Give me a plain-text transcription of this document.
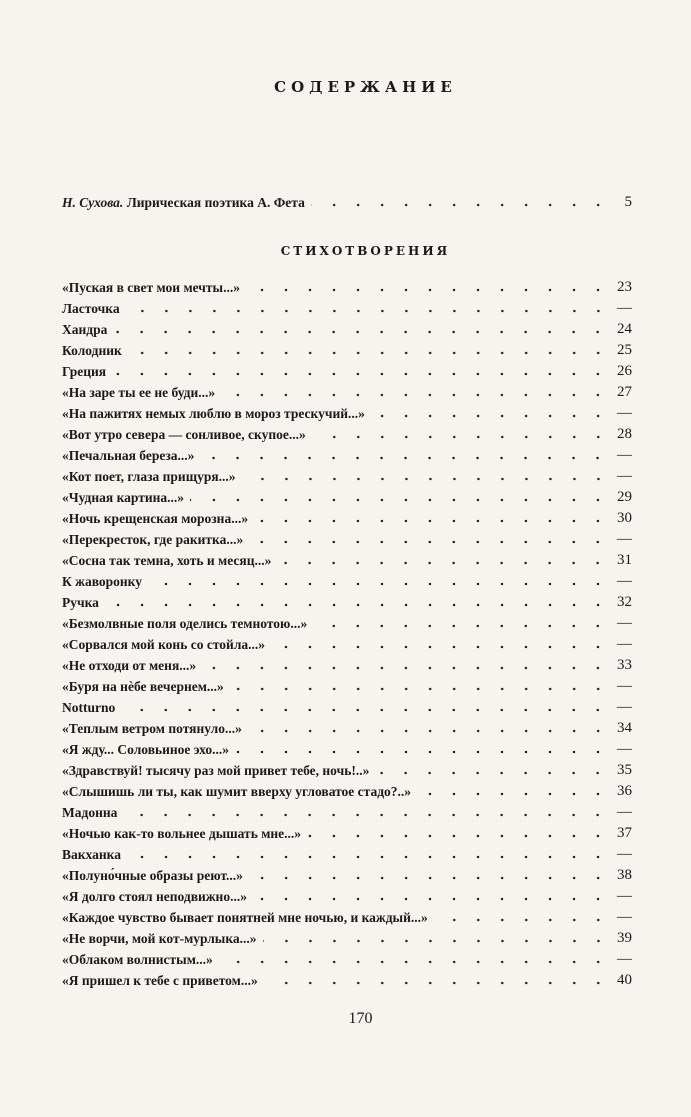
СОДЕРЖАНИЕ
Н. Сухова. Лирическая поэтика А. Фета	5
СТИХОТВОРЕНИЯ
«Пуская в свет мои мечты...»	23
Ласточка	—
Хандра	24
Колодник	25
Греция	26
«На заре ты ее не буди...»	27
«На пажитях немых люблю в мороз трескучий...»	—
«Вот утро севера — сонливое, скупое...»	28
«Печальная береза...»	—
«Кот поет, глаза прищуря...»	—
«Чудная картина...»	29
«Ночь крещенская морозна...»	30
«Перекресток, где ракитка...»	—
«Сосна так темна, хоть и месяц...»	31
К жаворонку	—
Ручка	32
«Безмолвные поля оделись темнотою...»	—
«Сорвался мой конь со стойла...»	—
«Не отходи от меня...»	33
«Буря на нѐбе вечернем...»	—
Notturno	—
«Теплым ветром потянуло...»	34
«Я жду... Соловьиное эхо...»	—
«Здравствуй! тысячу раз мой привет тебе, ночь!..»	35
«Слышишь ли ты, как шумит вверху угловатое стадо?..»	36
Мадонна	—
«Ночью как-то вольнее дышать мне...»	37
Вакханка	—
«Полуно́чные образы реют...»	38
«Я долго стоял неподвижно...»	—
«Каждое чувство бывает понятней мне ночью, и каждый...»	—
«Не ворчи, мой кот-мурлыка...»	39
«Облаком волнистым...»	—
«Я пришел к тебе с приветом...»	40
170
